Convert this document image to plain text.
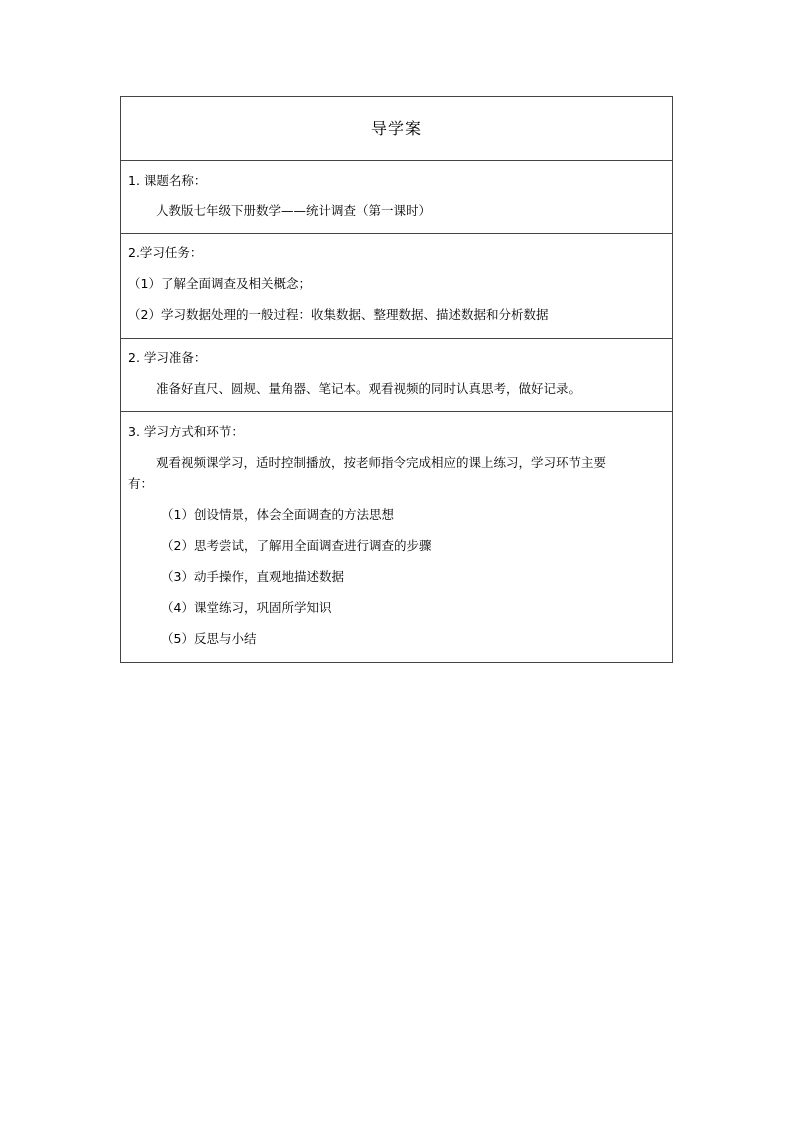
导学案
1. 课题名称：
人教版七年级下册数学——统计调查（第一课时）
2.学习任务：
（1）了解全面调查及相关概念；
（2）学习数据处理的一般过程：收集数据、整理数据、描述数据和分析数据
2. 学习准备：
准备好直尺、圆规、量角器、笔记本。观看视频的同时认真思考，做好记录。
3. 学习方式和环节：
观看视频课学习，适时控制播放，按老师指令完成相应的课上练习，学习环节主要
有：
（1）创设情景，体会全面调查的方法思想
（2）思考尝试，了解用全面调查进行调查的步骤
（3）动手操作，直观地描述数据
（4）课堂练习，巩固所学知识
（5）反思与小结
